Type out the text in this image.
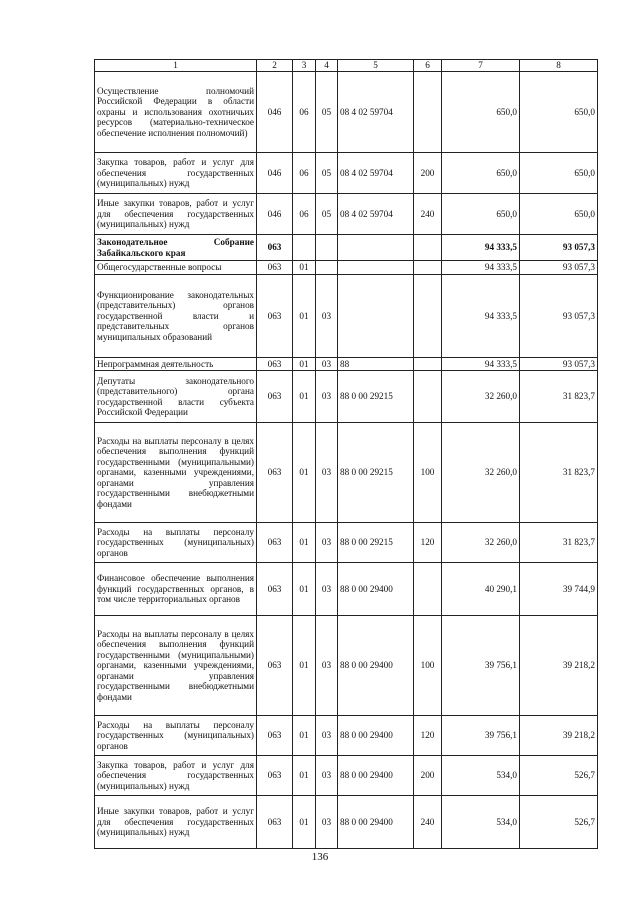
1	2	3	4	5	6	7	8
Осуществление полномочий Российской Федерации в области охраны и использования охотничьих ресурсов (материально-техническое обеспечение исполнения полномочий)	046	06	05	08 4 02 59704		650,0	650,0
Закупка товаров, работ и услуг для обеспечения государственных (муниципальных) нужд	046	06	05	08 4 02 59704	200	650,0	650,0
Иные закупки товаров, работ и услуг для обеспечения государственных (муниципальных) нужд	046	06	05	08 4 02 59704	240	650,0	650,0
Законодательное Собрание Забайкальского края	063					94 333,5	93 057,3
Общегосударственные вопросы	063	01				94 333,5	93 057,3
Функционирование законодательных (представительных) органов государственной власти и представительных органов муниципальных образований	063	01	03			94 333,5	93 057,3
Непрограммная деятельность	063	01	03	88		94 333,5	93 057,3
Депутаты законодательного (представительного) органа государственной власти субъекта Российской Федерации	063	01	03	88 0 00 29215		32 260,0	31 823,7
Расходы на выплаты персоналу в целях обеспечения выполнения функций государственными (муниципальными) органами, казенными учреждениями, органами управления государственными внебюджетными фондами	063	01	03	88 0 00 29215	100	32 260,0	31 823,7
Расходы на выплаты персоналу государственных (муниципальных) органов	063	01	03	88 0 00 29215	120	32 260,0	31 823,7
Финансовое обеспечение выполнения функций государственных органов, в том числе территориальных органов	063	01	03	88 0 00 29400		40 290,1	39 744,9
Расходы на выплаты персоналу в целях обеспечения выполнения функций государственными (муниципальными) органами, казенными учреждениями, органами управления государственными внебюджетными фондами	063	01	03	88 0 00 29400	100	39 756,1	39 218,2
Расходы на выплаты персоналу государственных (муниципальных) органов	063	01	03	88 0 00 29400	120	39 756,1	39 218,2
Закупка товаров, работ и услуг для обеспечения государственных (муниципальных) нужд	063	01	03	88 0 00 29400	200	534,0	526,7
Иные закупки товаров, работ и услуг для обеспечения государственных (муниципальных) нужд	063	01	03	88 0 00 29400	240	534,0	526,7
136
